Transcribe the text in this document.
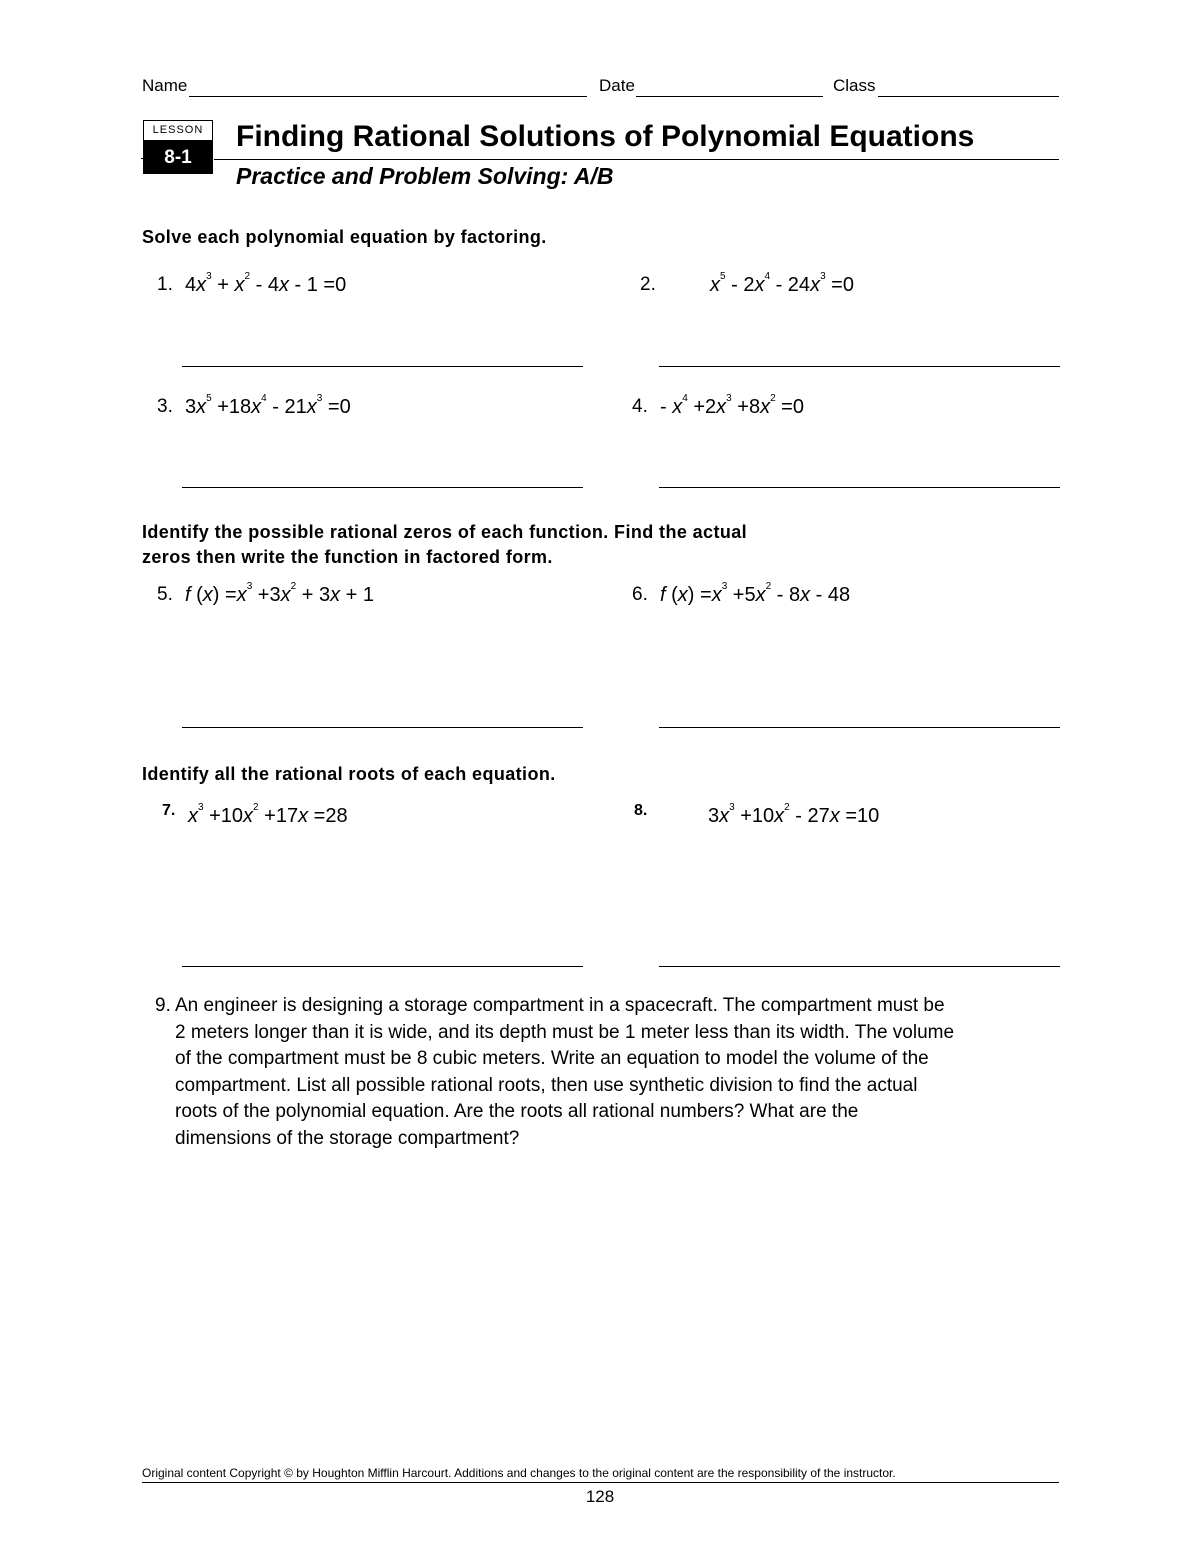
Name	Date	Class
LESSON
8-1
Finding Rational Solutions of Polynomial Equations
Practice and Problem Solving: A/B
Solve each polynomial equation by factoring.
1. $4x^3 + x^2 - 4x - 1 =0$	2.	$x^5 - 2x^4 - 24x^3 =0$
3. $3x^5 +18x^4 - 21x^3 =0$	4. - $x^4 +2x^3 +8x^2 =0$
Identify the possible rational zeros of each function. Find the actual
zeros then write the function in factored form.
5. f $(x) =x^3 +3x^2 + 3x + 1$	6. f $(x) =x^3 +5x^2 - 8x - 48$
Identify all the rational roots of each equation.
7. $x^3 +10x^2 +17x =28$	8.	$3x^3 +10x^2 - 27x =10$
9. An engineer is designing a storage compartment in a spacecraft. The compartment must be
2 meters longer than it is wide, and its depth must be 1 meter less than its width. The volume
of the compartment must be 8 cubic meters. Write an equation to model the volume of the
compartment. List all possible rational roots, then use synthetic division to find the actual
roots of the polynomial equation. Are the roots all rational numbers? What are the
dimensions of the storage compartment?
Original content Copyright © by Houghton Mifflin Harcourt. Additions and changes to the original content are the responsibility of the instructor.
128
